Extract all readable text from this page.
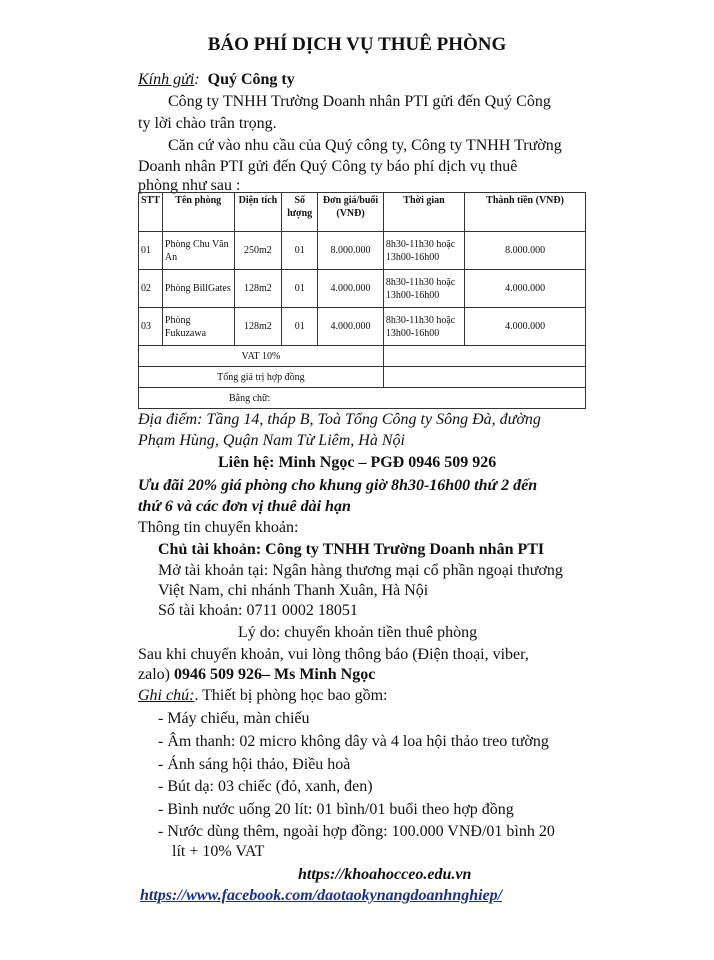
BÁO PHÍ DỊCH VỤ THUÊ PHÒNG
Kính gửi: Quý Công ty
Công ty TNHH Trường Doanh nhân PTI gửi đến Quý Công
ty lời chào trân trọng.
Căn cứ vào nhu cầu của Quý công ty, Công ty TNHH Trường
Doanh nhân PTI gửi đến Quý Công ty báo phí dịch vụ thuê
phòng như sau :
STT	Tên phòng	Diện tích	Số lượng	Đơn giá/buổi (VNĐ)	Thời gian	Thành tiền (VNĐ)
01	Phòng Chu Văn An	250m2	01	8.000.000	8h30-11h30 hoặc 13h00-16h00	8.000.000
02	Phòng BillGates	128m2	01	4.000.000	8h30-11h30 hoặc 13h00-16h00	4.000.000
03	Phòng Fukuzawa	128m2	01	4.000.000	8h30-11h30 hoặc 13h00-16h00	4.000.000
VAT 10%						
Tổng giá trị hợp đồng						
Bằng chữ:						
Địa điểm: Tầng 14, tháp B, Toà Tổng Công ty Sông Đà, đường
Phạm Hùng, Quận Nam Từ Liêm, Hà Nội
Liên hệ: Minh Ngọc – PGĐ 0946 509 926
Ưu đãi 20% giá phòng cho khung giờ 8h30-16h00 thứ 2 đến
thứ 6 và các đơn vị thuê dài hạn
Thông tin chuyển khoản:
Chủ tài khoản: Công ty TNHH Trường Doanh nhân PTI
Mở tài khoản tại: Ngân hàng thương mại cổ phần ngoại thương
Việt Nam, chi nhánh Thanh Xuân, Hà Nội
Số tài khoản: 0711 0002 18051
Lý do: chuyển khoản tiền thuê phòng
Sau khi chuyển khoản, vui lòng thông báo (Điện thoại, viber,
zalo) 0946 509 926– Ms Minh Ngọc
Ghi chú:. Thiết bị phòng học bao gồm:
- Máy chiếu, màn chiếu
- Âm thanh: 02 micro không dây và 4 loa hội thảo treo tường
- Ánh sáng hội thảo, Điều hoà
- Bút dạ: 03 chiếc (đỏ, xanh, đen)
- Bình nước uống 20 lít: 01 bình/01 buổi theo hợp đồng
- Nước dùng thêm, ngoài hợp đồng: 100.000 VNĐ/01 bình 20
lít + 10% VAT
https://khoahocceo.edu.vn
https://www.facebook.com/daotaokynangdoanhnghiep/
